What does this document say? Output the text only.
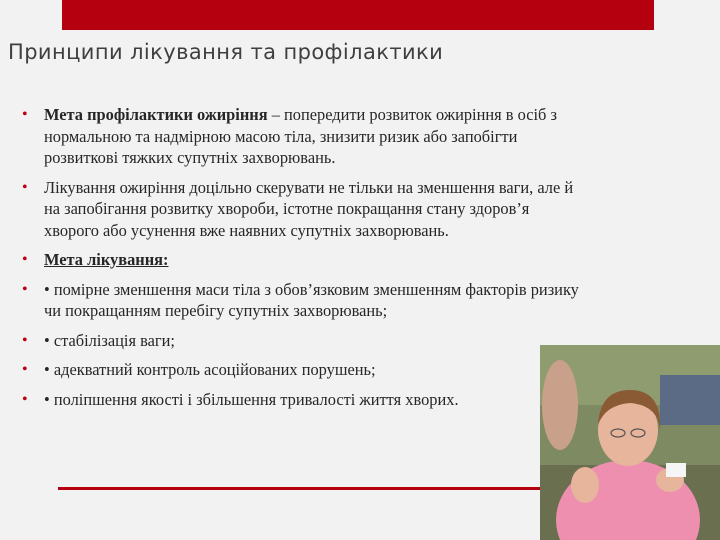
Принципи лікування та профілактики
• Мета профілактики ожиріння – попередити розвиток ожиріння в осіб з нормальною та надмірною масою тіла, знизити ризик або запобігти розвиткові тяжких супутніх захворювань.
• Лікування ожиріння доцільно скерувати не тільки на зменшення ваги, але й на запобігання розвитку хвороби, істотне покращання стану здоров’я хворого або усунення вже наявних супутніх захворювань.
• Мета лікування:
• • помірне зменшення маси тіла з обов’язковим зменшенням факторів ризику чи покращанням перебігу супутніх захворювань;
• • стабілізація ваги;
• • адекватний контроль асоційованих порушень;
• • поліпшення якості і збільшення тривалості життя хворих.
